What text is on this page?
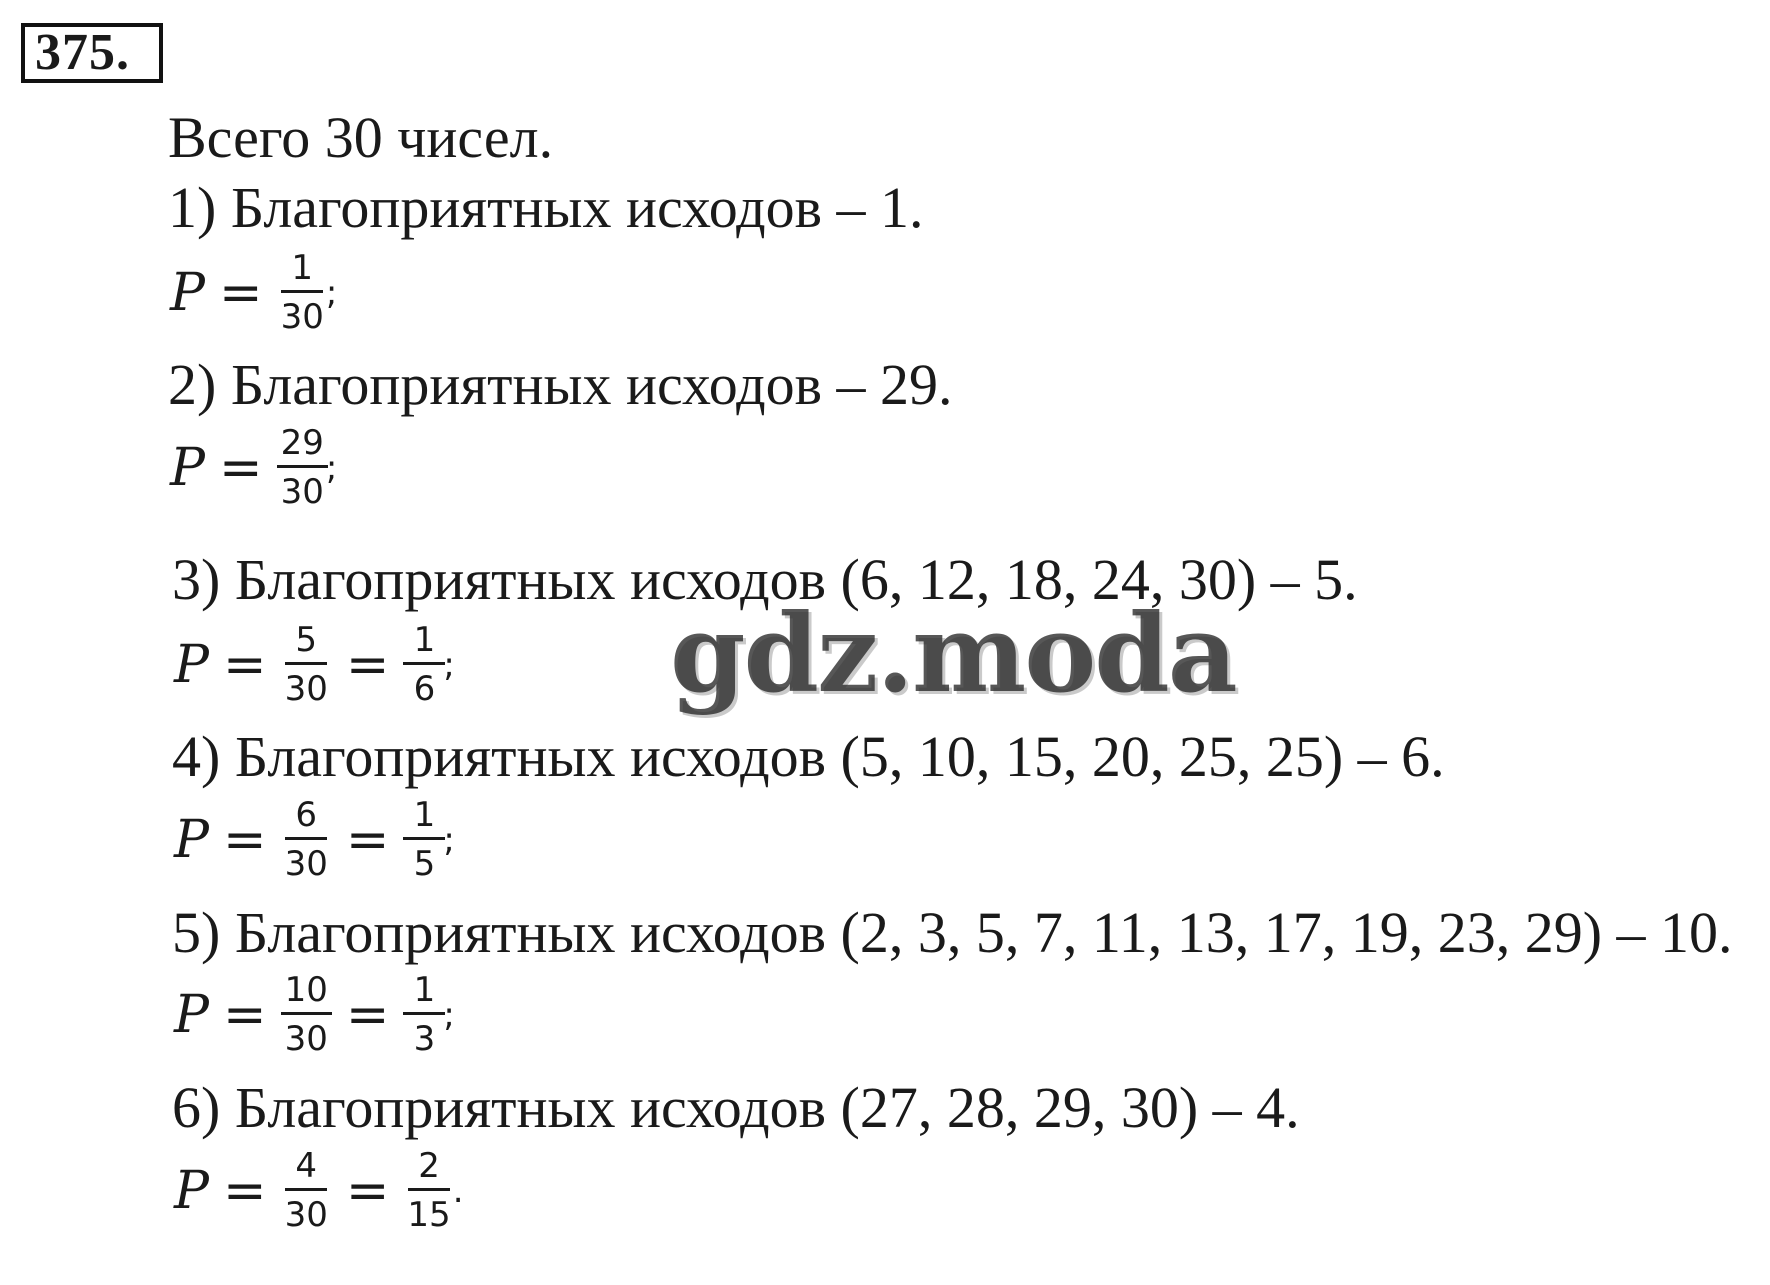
375.
Всего 30 чисел.
1) Благоприятных исходов – 1.
$P = \frac{1}{30}$
;
2) Благоприятных исходов – 29.
$P = \frac{29}{30}$
;
3) Благоприятных исходов (6, 12, 18, 24, 30) – 5.
$P = \frac{5}{30} = \frac{1}{6}$
;
4) Благоприятных исходов (5, 10, 15, 20, 25, 25) – 6.
$P = \frac{6}{30} = \frac{1}{5}$
;
5) Благоприятных исходов (2, 3, 5, 7, 11, 13, 17, 19, 23, 29) – 10.
$P = \frac{10}{30} = \frac{1}{3}$
;
6) Благоприятных исходов (27, 28, 29, 30) – 4.
$P = \frac{4}{30} = \frac{2}{15}$
.
gdz.moda
